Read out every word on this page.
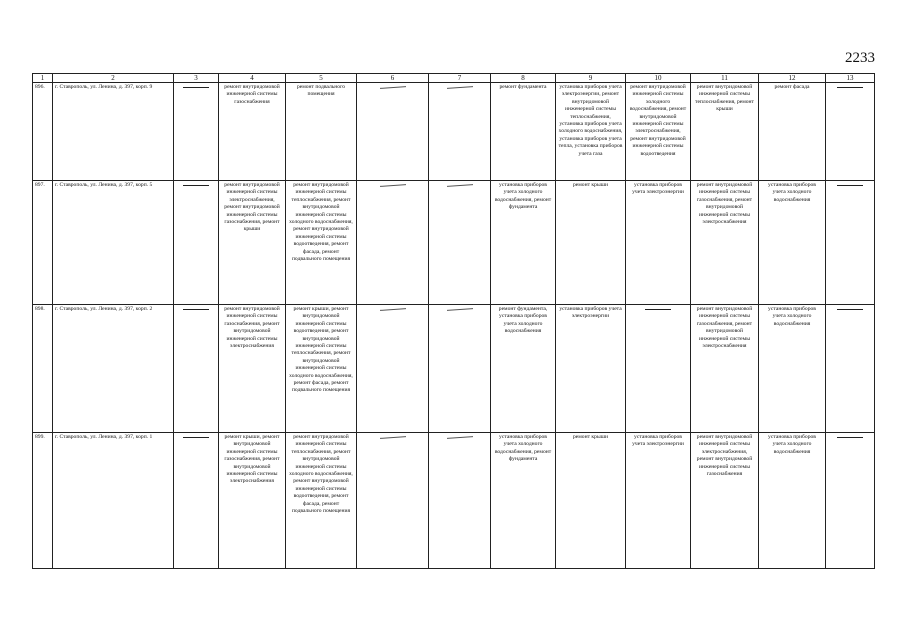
2233
1	2	3	4	5	6	7	8	9	10	11	12	13
896.	г. Ставрополь, ул. Ленина, д. 397, корп. 9		ремонт внутридомовой инженерной системы газоснабжения	ремонт подвального помещения			ремонт фундамента	установка приборов учета электроэнергии, ремонт внутридомовой инженерной системы теплоснабжения, установка приборов учета холодного водоснабжения, установка приборов учета тепла, установка приборов учета газа	ремонт внутридомовой инженерной системы холодного водоснабжения, ремонт внутридомовой инженерной системы электроснабжения, ремонт внутридомовой инженерной системы водоотведения	ремонт внутридомовой инженерной системы теплоснабжения, ремонт крыши	ремонт фасада	

897.	г. Ставрополь, ул. Ленина, д. 397, корп. 5		ремонт внутридомовой инженерной системы электроснабжения, ремонт внутридомовой инженерной системы газоснабжения, ремонт крыши	ремонт внутридомовой инженерной системы теплоснабжения, ремонт внутридомовой инженерной системы холодного водоснабжения, ремонт внутридомовой инженерной системы водоотведения, ремонт фасада, ремонт подвального помещения			установка приборов учета холодного водоснабжения, ремонт фундамента	ремонт крыши	установка приборов учета электроэнергии	ремонт внутридомовой инженерной системы газоснабжения, ремонт внутридомовой инженерной системы электроснабжения	установка приборов учета холодного водоснабжения	

898.	г. Ставрополь, ул. Ленина, д. 397, корп. 2		ремонт внутридомовой инженерной системы газоснабжения, ремонт внутридомовой инженерной системы электроснабжения	ремонт крыши, ремонт внутридомовой инженерной системы водоотведения, ремонт внутридомовой инженерной системы теплоснабжения, ремонт внутридомовой инженерной системы холодного водоснабжения, ремонт фасада, ремонт подвального помещения			ремонт фундамента, установка приборов учета холодного водоснабжения	установка приборов учета электроэнергии		ремонт внутридомовой инженерной системы газоснабжения, ремонт внутридомовой инженерной системы электроснабжения	установка приборов учета холодного водоснабжения	

899.	г. Ставрополь, ул. Ленина, д. 397, корп. 1		ремонт крыши, ремонт внутридомовой инженерной системы газоснабжения, ремонт внутридомовой инженерной системы электроснабжения	ремонт внутридомовой инженерной системы теплоснабжения, ремонт внутридомовой инженерной системы холодного водоснабжения, ремонт внутридомовой инженерной системы водоотведения, ремонт фасада, ремонт подвального помещения			установка приборов учета холодного водоснабжения, ремонт фундамента	ремонт крыши	установка приборов учета электроэнергии	ремонт внутридомовой инженерной системы электроснабжения, ремонт внутридомовой инженерной системы газоснабжения	установка приборов учета холодного водоснабжения	
